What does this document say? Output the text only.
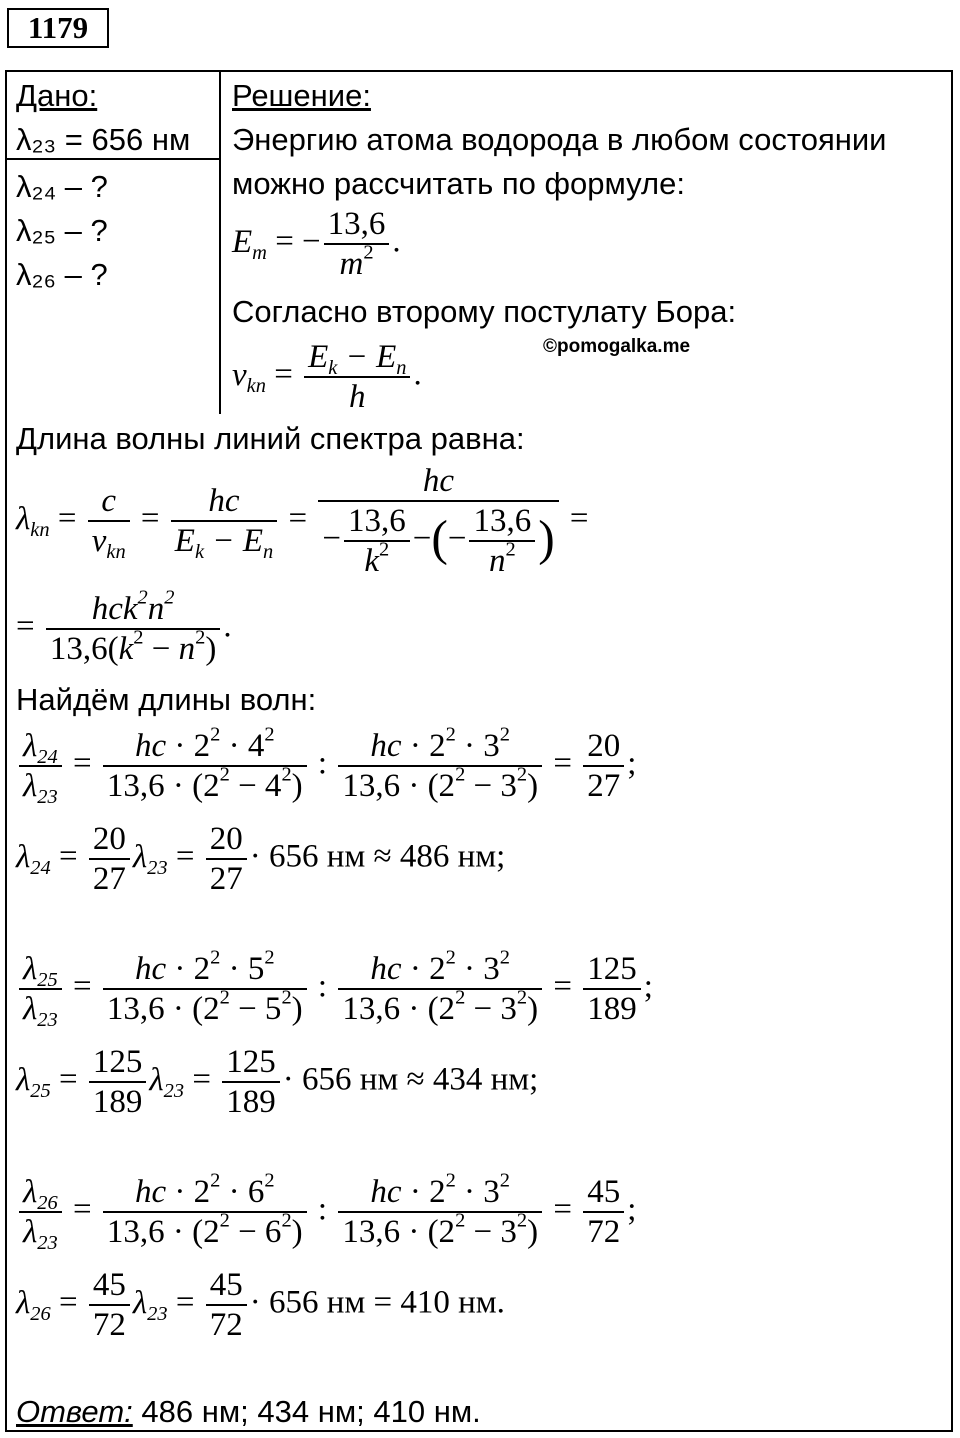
1179
Дано:
λ₂₃ = 656 нм
λ₂₄ – ?
λ₂₅ – ?
λ₂₆ – ?
Решение:
Энергию атома водорода в любом состоянии
можно рассчитать по формуле:
$E_m$ = − $\frac{13,6}{m^2}$ .
Согласно второму постулату Бора:
©pomogalka.me
$\nu_{kn} = \frac{E_k - E_n}{h}$ .
Длина волны линий спектра равна:
$\lambda_{kn} = \frac{c}{\nu_{kn}} = \frac{hc}{E_k - E_n} = \frac{hc}{- \frac{13,6}{k^2} -(- \frac{13,6}{n^2} )}$ =
= $\frac{hck^2n^2}{13,6(k^2 - n^2)}$ .
Найдём длины волн:
$\frac{\lambda_{24}}{\lambda_{23}} = \frac{hc \cdot 2^2 \cdot 4^2}{13,6 \cdot (2^2 - 4^2)}$ : $\frac{hc \cdot 2^2 \cdot 3^2}{13,6 \cdot (2^2 - 3^2)} = \frac{20}{27}$ ;
$\lambda_{24} = \frac{20}{27} \lambda_{23} = \frac{20}{27} \cdot 656$ нм ≈ 486 нм;
$\frac{\lambda_{25}}{\lambda_{23}} = \frac{hc \cdot 2^2 \cdot 5^2}{13,6 \cdot (2^2 - 5^2)}$ : $\frac{hc \cdot 2^2 \cdot 3^2}{13,6 \cdot (2^2 - 3^2)} = \frac{125}{189}$ ;
$\lambda_{25} = \frac{125}{189} \lambda_{23} = \frac{125}{189} \cdot 656$ нм ≈ 434 нм;
$\frac{\lambda_{26}}{\lambda_{23}} = \frac{hc \cdot 2^2 \cdot 6^2}{13,6 \cdot (2^2 - 6^2)}$ : $\frac{hc \cdot 2^2 \cdot 3^2}{13,6 \cdot (2^2 - 3^2)} = \frac{45}{72}$ ;
$\lambda_{26} = \frac{45}{72} \lambda_{23} = \frac{45}{72} \cdot 656$ нм = 410 нм.
Ответ: 486 нм; 434 нм; 410 нм.
